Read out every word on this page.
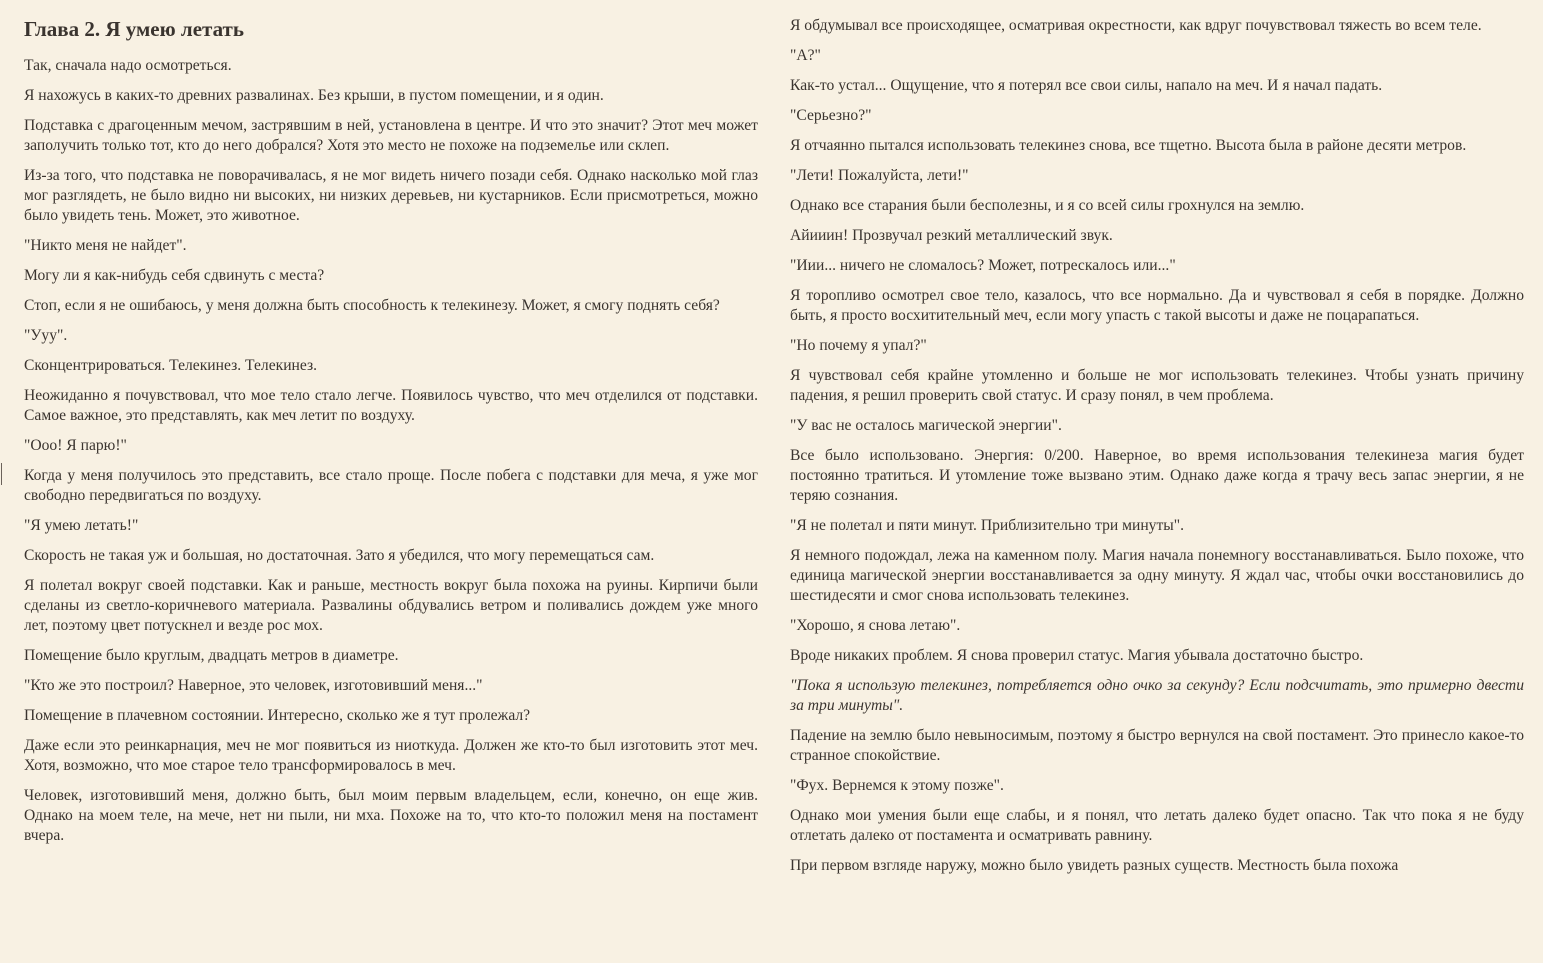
Глава 2. Я умею летать

Так, сначала надо осмотреться.

Я нахожусь в каких-то древних развалинах. Без крыши, в пустом помещении, и я один.

Подставка с драгоценным мечом, застрявшим в ней, установлена в центре. И что это значит? Этот меч может заполучить только тот, кто до него добрался? Хотя это место не похоже на подземелье или склеп.

Из-за того, что подставка не поворачивалась, я не мог видеть ничего позади себя. Однако насколько мой глаз мог разглядеть, не было видно ни высоких, ни низких деревьев, ни кустарников. Если присмотреться, можно было увидеть тень. Может, это животное.

"Никто меня не найдет".

Могу ли я как-нибудь себя сдвинуть с места?

Стоп, если я не ошибаюсь, у меня должна быть способность к телекинезу. Может, я смогу поднять себя?

"Ууу".

Сконцентрироваться. Телекинез. Телекинез.

Неожиданно я почувствовал, что мое тело стало легче. Появилось чувство, что меч отделился от подставки. Самое важное, это представлять, как меч летит по воздуху.

"Ооо! Я парю!"

Когда у меня получилось это представить, все стало проще. После побега с подставки для меча, я уже мог свободно передвигаться по воздуху.

"Я умею летать!"

Скорость не такая уж и большая, но достаточная. Зато я убедился, что могу перемещаться сам.

Я полетал вокруг своей подставки. Как и раньше, местность вокруг была похожа на руины. Кирпичи были сделаны из светло-коричневого материала. Развалины обдувались ветром и поливались дождем уже много лет, поэтому цвет потускнел и везде рос мох.

Помещение было круглым, двадцать метров в диаметре.

"Кто же это построил? Наверное, это человек, изготовивший меня..."

Помещение в плачевном состоянии. Интересно, сколько же я тут пролежал?

Даже если это реинкарнация, меч не мог появиться из ниоткуда. Должен же кто-то был изготовить этот меч. Хотя, возможно, что мое старое тело трансформировалось в меч.

Человек, изготовивший меня, должно быть, был моим первым владельцем, если, конечно, он еще жив. Однако на моем теле, на мече, нет ни пыли, ни мха. Похоже на то, что кто-то положил меня на постамент вчера.

Я обдумывал все происходящее, осматривая окрестности, как вдруг почувствовал тяжесть во всем теле.

"А?"

Как-то устал... Ощущение, что я потерял все свои силы, напало на меч. И я начал падать.

"Серьезно?"

Я отчаянно пытался использовать телекинез снова, все тщетно. Высота была в районе десяти метров.

"Лети! Пожалуйста, лети!"

Однако все старания были бесполезны, и я со всей силы грохнулся на землю.

Айииин! Прозвучал резкий металлический звук.

"Иии... ничего не сломалось? Может, потрескалось или..."

Я торопливо осмотрел свое тело, казалось, что все нормально. Да и чувствовал я себя в порядке. Должно быть, я просто восхитительный меч, если могу упасть с такой высоты и даже не поцарапаться.

"Но почему я упал?"

Я чувствовал себя крайне утомленно и больше не мог использовать телекинез. Чтобы узнать причину падения, я решил проверить свой статус. И сразу понял, в чем проблема.

"У вас не осталось магической энергии".

Все было использовано. Энергия: 0/200. Наверное, во время использования телекинеза магия будет постоянно тратиться. И утомление тоже вызвано этим. Однако даже когда я трачу весь запас энергии, я не теряю сознания.

"Я не полетал и пяти минут. Приблизительно три минуты".

Я немного подождал, лежа на каменном полу. Магия начала понемногу восстанавливаться. Было похоже, что единица магической энергии восстанавливается за одну минуту. Я ждал час, чтобы очки восстановились до шестидесяти и смог снова использовать телекинез.

"Хорошо, я снова летаю".

Вроде никаких проблем. Я снова проверил статус. Магия убывала достаточно быстро.

"Пока я использую телекинез, потребляется одно очко за секунду? Если подсчитать, это примерно двести за три минуты".

Падение на землю было невыносимым, поэтому я быстро вернулся на свой постамент. Это принесло какое-то странное спокойствие.

"Фух. Вернемся к этому позже".

Однако мои умения были еще слабы, и я понял, что летать далеко будет опасно. Так что пока я не буду отлетать далеко от постамента и осматривать равнину.

При первом взгляде наружу, можно было увидеть разных существ. Местность была похожа
